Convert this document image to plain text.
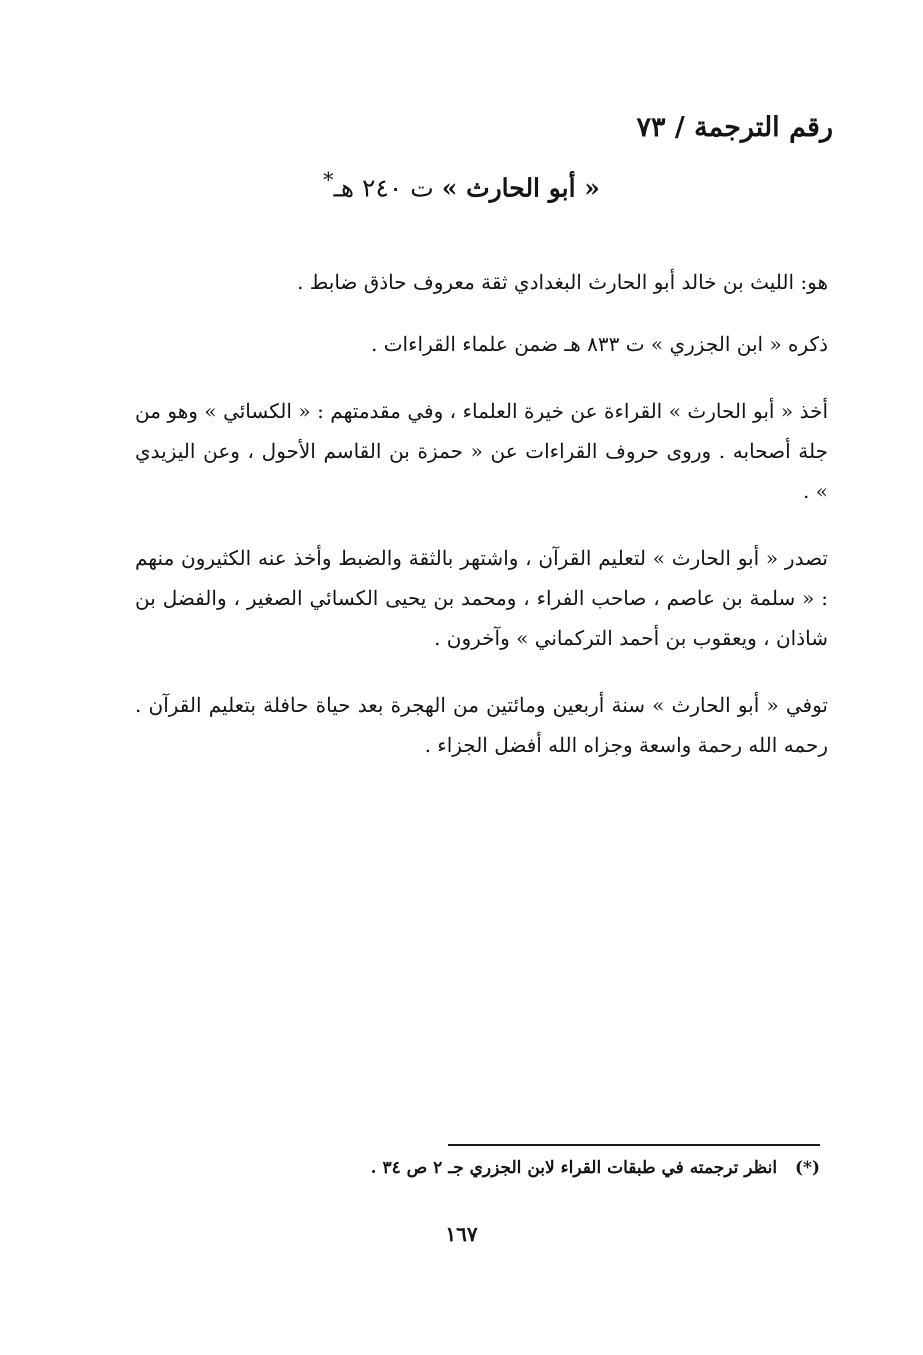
رقم الترجمة / ٧٣
« أبو الحارث » ت ٢٤٠ هـ*

هو: الليث بن خالد أبو الحارث البغدادي ثقة معروف حاذق ضابط .

ذكره « ابن الجزري » ت ٨٣٣ هـ ضمن علماء القراءات .

أخذ « أبو الحارث » القراءة عن خيرة العلماء ، وفي مقدمتهم : « الكسائي » وهو من جلة أصحابه . وروى حروف القراءات عن « حمزة بن القاسم الأحول ، وعن اليزيدي » .

تصدر « أبو الحارث » لتعليم القرآن ، واشتهر بالثقة والضبط وأخذ عنه الكثيرون منهم : « سلمة بن عاصم ، صاحب الفراء ، ومحمد بن يحيى الكسائي الصغير ، والفضل بن شاذان ، ويعقوب بن أحمد التركماني » وآخرون .

توفي « أبو الحارث » سنة أربعين ومائتين من الهجرة بعد حياة حافلة بتعليم القرآن . رحمه الله رحمة واسعة وجزاه الله أفضل الجزاء .

(*) انظر ترجمته في طبقات القراء لابن الجزري جـ ٢ ص ٣٤ .
١٦٧
